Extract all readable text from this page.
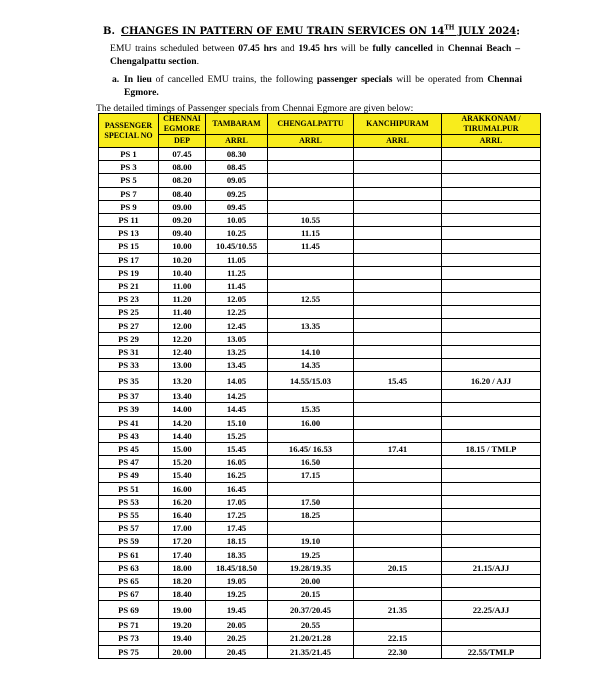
B. CHANGES IN PATTERN OF EMU TRAIN SERVICES ON 14TH JULY 2024:
EMU trains scheduled between 07.45 hrs and 19.45 hrs will be fully cancelled in Chennai Beach – Chengalpattu section.
a. In lieu of cancelled EMU trains, the following passenger specials will be operated from Chennai Egmore.
The detailed timings of Passenger specials from Chennai Egmore are given below:
PASSENGER SPECIAL NO	CHENNAI EGMORE	TAMBARAM	CHENGALPATTU	KANCHIPURAM	ARAKKONAM / TIRUMALPUR
	DEP	ARRL	ARRL	ARRL	ARRL
PS 1	07.45	08.30			
PS 3	08.00	08.45			
PS 5	08.20	09.05			
PS 7	08.40	09.25			
PS 9	09.00	09.45			
PS 11	09.20	10.05	10.55		
PS 13	09.40	10.25	11.15		
PS 15	10.00	10.45/10.55	11.45		
PS 17	10.20	11.05			
PS 19	10.40	11.25			
PS 21	11.00	11.45			
PS 23	11.20	12.05	12.55		
PS 25	11.40	12.25			
PS 27	12.00	12.45	13.35		
PS 29	12.20	13.05			
PS 31	12.40	13.25	14.10		
PS 33	13.00	13.45	14.35		
PS 35	13.20	14.05	14.55/15.03	15.45	16.20 / AJJ
PS 37	13.40	14.25			
PS 39	14.00	14.45	15.35		
PS 41	14.20	15.10	16.00		
PS 43	14.40	15.25			
PS 45	15.00	15.45	16.45/ 16.53	17.41	18.15 / TMLP
PS 47	15.20	16.05	16.50		
PS 49	15.40	16.25	17.15		
PS 51	16.00	16.45			
PS 53	16.20	17.05	17.50		
PS 55	16.40	17.25	18.25		
PS 57	17.00	17.45			
PS 59	17.20	18.15	19.10		
PS 61	17.40	18.35	19.25		
PS 63	18.00	18.45/18.50	19.28/19.35	20.15	21.15/AJJ
PS 65	18.20	19.05	20.00		
PS 67	18.40	19.25	20.15		
PS 69	19.00	19.45	20.37/20.45	21.35	22.25/AJJ
PS 71	19.20	20.05	20.55		
PS 73	19.40	20.25	21.20/21.28	22.15	
PS 75	20.00	20.45	21.35/21.45	22.30	22.55/TMLP
